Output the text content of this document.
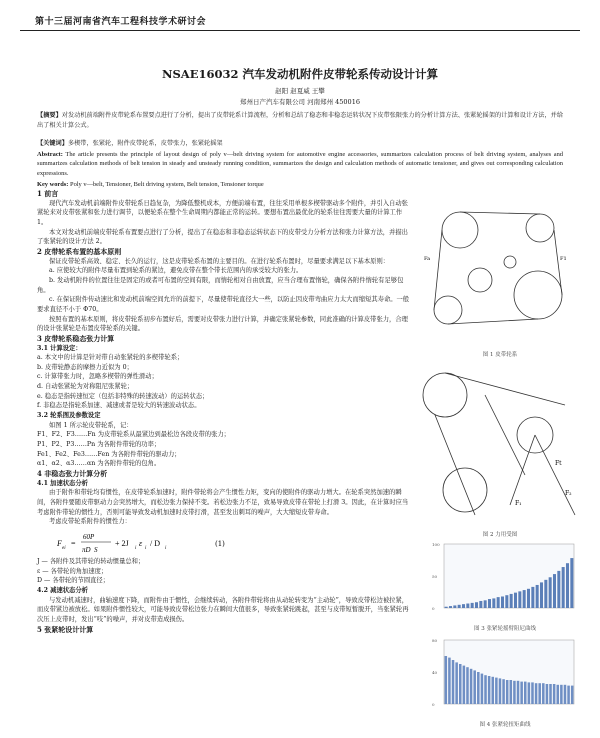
第十三届河南省汽车工程科技学术研讨会
NSAE16032 汽车发动机附件皮带轮系传动设计计算
赵阳 赵夏威 王攀
郑州日产汽车有限公司 河南郑州 450016
【摘要】对发动机前端附件皮带轮系布置要点进行了分析，提出了皮带轮系计算流程，分析和总结了稳态和非稳态运转状况下皮带张限张力的分析计算方法、张紧轮摇架的计算和设计方法，并给出了相关计算公式。
【关键词】多楔带，张紧轮，附件皮带轮系，皮带张力，张紧轮摇架
Abstract: The article presents the principle of layout design of poly v—belt driving system for automotive engine accessories, summarizes calculation process of belt driving system, analyses and summarizes calculation methods of belt tension in steady and unsteady running condition, summarizes the design and calculation methods of automatic tensioner, and gives out corresponding calculation expressions.
Key words: Poly v—belt, Tensioner, Belt driving system, Belt tension, Tensioner torque

1 前言

现代汽车发动机前端附件皮带轮系日趋复杂，为降低整机成本，方便前端布置，往往采用单根多楔带驱动多个附件，并引入自动张紧轮来对皮带张紧和张力进行调节，以便轮系在整个生命周期内都能正常的运转。要想布置出最优化的轮系往往需要大量的计算工作 1。

本文对发动机前端皮带轮系布置要点进行了分析，提出了在稳态和非稳态运转状态下的皮带受力分析方法和张力计算方法，并描出了张紧轮的设计方法 2。

2 皮带轮系布置的基本原则

保证皮带轮系高效、稳定、长久的运行，这是皮带轮系布置的主要目的。在进行轮系布置时，尽量要求满足以下基本原则：

a. 应使较大的附件尽量布置到轮系的紧边，避免皮带在整个带长范围内的承受较大的张力。

b. 发动机附件的位置往往是固定的或者可布置的空间有限，而惰轮相对自由放置，应当合理布置惰轮，确保各附件惰轮有足够包角。

c. 在保证附件传动速比和发动机前端空间允许的前提下，尽量使带轮直径大一些，以防止因皮带弯曲应力太大而缩短其寿命。一般要求直径不小于 Φ70。

按照布置的基本原则，将皮带轮系初步布置好后，需要对皮带张力进行计算，并确定张紧轮参数，同此准确的计算皮带张力，合理的设计张紧轮是布置皮带轮系的关键。

3 皮带轮系稳态张力计算

3.1 计算设定：

a. 本文中的计算是针对带自动张紧轮的多楔带轮系；

b. 皮带轮静态的摩擦力近似为 0；

c. 计算带张力时，忽略多楔带的弹性滑动；

d. 自动张紧轮为对称阻尼张紧轮；

e. 稳态是指转速恒定（包括非特殊的转速波动）的运转状态；

f. 非稳态是指轮系加速、减速或者是较大的转速波动状态。

3.2 轮系图及参数设定

如图 1 所示轮皮带轮系，记：

F1、F2、F3……Fn 为皮带轮系从最紧边到最松边各段皮带的张力；

P1、P2、P3……Pn 为各附件带轮的功率；

Fe1、Fe2、Fe3……Fen 为各附件带轮的驱动力；

α1、α2、α3……αn 为各附件带轮的包角。

4 非稳态张力计算分析

4.1 加速状态分析

由于附件和带轮均有惯性，在皮带轮系加速时，附件带轮将会产生惯性力矩，变向的使附件的驱动力增大。在轮系突然加速的瞬间，各附件要随皮带驱动力会突然增大，而松边张力保持不变。若松边张力不足，致易导致皮带在带轮上打滑 3。因此，在计算时应当考虑附件带轮的惯性力，否则可能导致发动机加速时皮带打滑，甚至发出刺耳的噪声，大大缩短皮带寿命。

考虑皮带轮系附件的惯性力：

F
ei
=
60P
πD S
+ 2J
i
ε
i
/ D
i
(1)

J — 各附件及其带轮的转动惯量总和；

ε — 各带轮的角加速度；

D — 各带轮的节圆直径；

4.2 减速状态分析

与发动机减速时，曲轴速度下降，而附件由于惯性，会继续转动，各附件带轮将由从动轮转变为“主动轮”，导致皮带松边被拉紧，而皮带紧边被放松。如果附件惯性较大，可能导致皮带松边张力在瞬间大值很多，导致张紧轮跳起，甚至与皮带短暂脱开，当张紧轮再次压上皮带时，发出“吱”的噪声，并对皮带造成损伤。

5 张紧轮设计计算

Fa	F1
图 1 皮带轮系
F₁
Ft
F₂
图 2 力用受图
0
50
100
图 3 张紧轮摇臂阻尼曲线
0
40
80
图 4 张紧轮扭矩曲线
